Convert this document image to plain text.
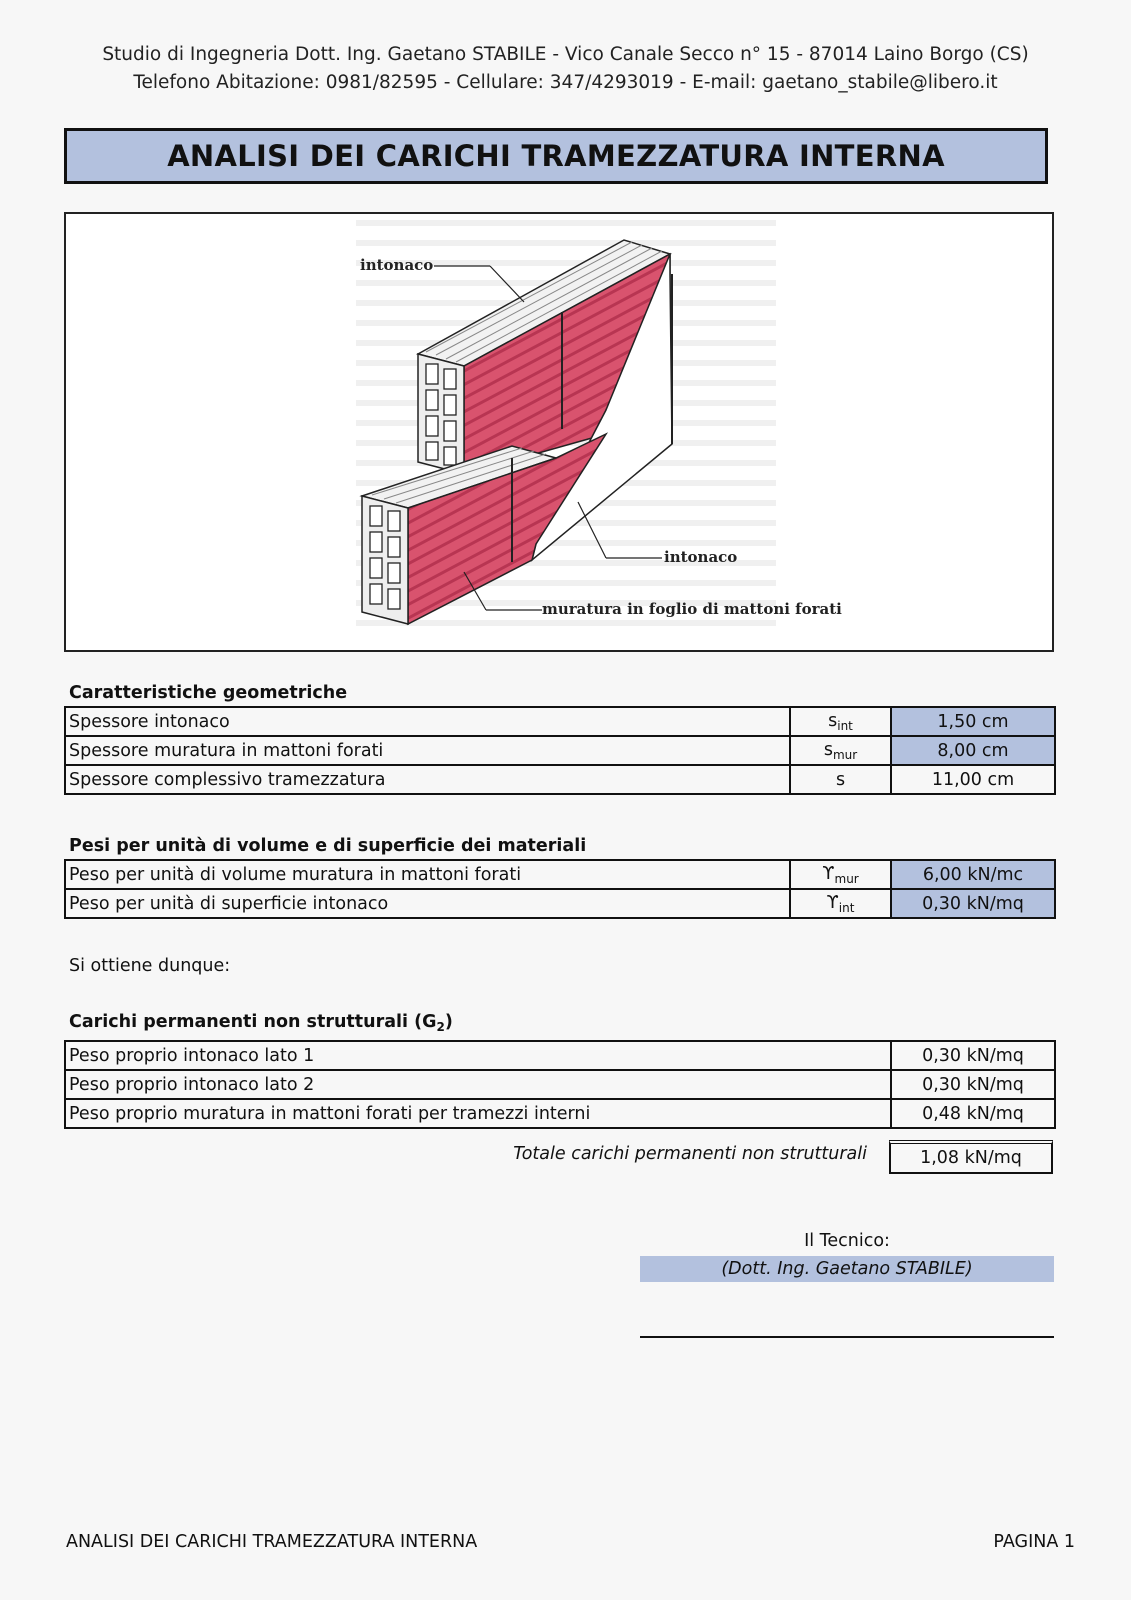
Studio di Ingegneria Dott. Ing. Gaetano STABILE - Vico Canale Secco n° 15 - 87014 Laino Borgo (CS)
Telefono Abitazione: 0981/82595 - Cellulare: 347/4293019 - E-mail: gaetano_stabile@libero.it
ANALISI DEI CARICHI TRAMEZZATURA INTERNA
intonaco
intonaco
muratura in foglio di mattoni forati
Caratteristiche geometriche
Spessore intonaco	$s_{int}$	1,50 cm
Spessore muratura in mattoni forati	$s_{mur}$	8,00 cm
Spessore complessivo tramezzatura	s	11,00 cm
Pesi per unità di volume e di superficie dei materiali
Peso per unità di volume muratura in mattoni forati	$ϒ_{mur}$	6,00 kN/mc
Peso per unità di superficie intonaco	$ϒ_{int}$	0,30 kN/mq
Si ottiene dunque:
Carichi permanenti non strutturali $(G_2)$
Peso proprio intonaco lato 1	0,30 kN/mq
Peso proprio intonaco lato 2	0,30 kN/mq
Peso proprio muratura in mattoni forati per tramezzi interni	0,48 kN/mq
Totale carichi permanenti non strutturali	1,08 kN/mq
Il Tecnico:
(Dott. Ing. Gaetano STABILE)
ANALISI DEI CARICHI TRAMEZZATURA INTERNA	PAGINA 1
